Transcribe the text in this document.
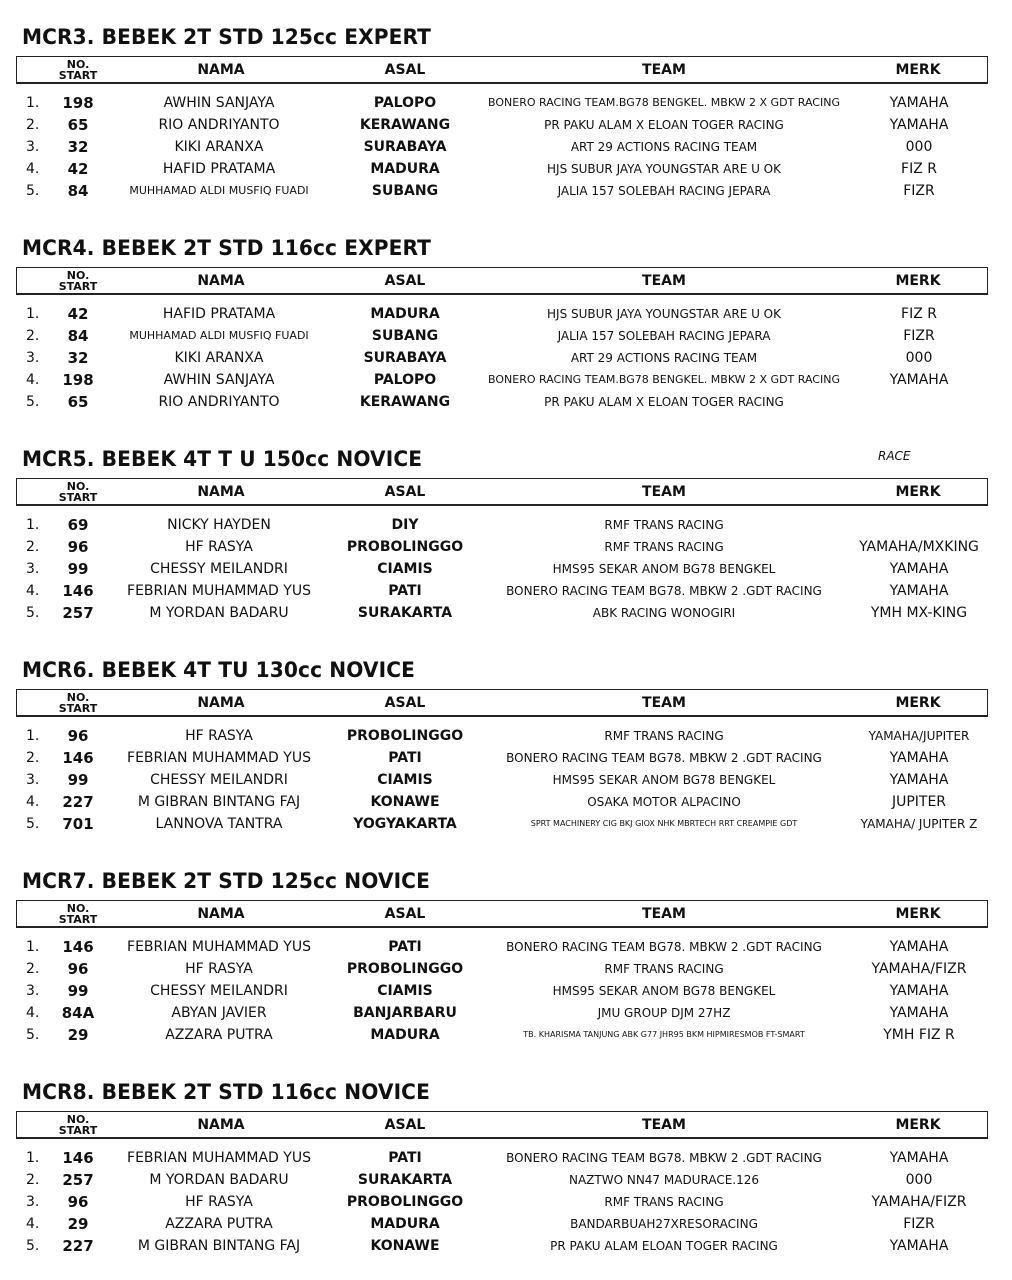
MCR3. BEBEK 2T STD 125cc EXPERT
NO.
START	NAMA	ASAL	TEAM	MERK
1.	198	AWHIN SANJAYA	PALOPO	BONERO RACING TEAM.BG78 BENGKEL. MBKW 2 X GDT RACING	YAMAHA
2.	65	RIO ANDRIYANTO	KERAWANG	PR PAKU ALAM X ELOAN TOGER RACING	YAMAHA
3.	32	KIKI ARANXA	SURABAYA	ART 29 ACTIONS RACING TEAM	000
4.	42	HAFID PRATAMA	MADURA	HJS SUBUR JAYA YOUNGSTAR ARE U OK	FIZ R
5.	84	MUHHAMAD ALDI MUSFIQ FUADI	SUBANG	JALIA 157 SOLEBAH RACING JEPARA	FIZR
MCR4. BEBEK 2T STD 116cc EXPERT
NO.
START	NAMA	ASAL	TEAM	MERK
1.	42	HAFID PRATAMA	MADURA	HJS SUBUR JAYA YOUNGSTAR ARE U OK	FIZ R
2.	84	MUHHAMAD ALDI MUSFIQ FUADI	SUBANG	JALIA 157 SOLEBAH RACING JEPARA	FIZR
3.	32	KIKI ARANXA	SURABAYA	ART 29 ACTIONS RACING TEAM	000
4.	198	AWHIN SANJAYA	PALOPO	BONERO RACING TEAM.BG78 BENGKEL. MBKW 2 X GDT RACING	YAMAHA
5.	65	RIO ANDRIYANTO	KERAWANG	PR PAKU ALAM X ELOAN TOGER RACING
MCR5. BEBEK 4T T U 150cc NOVICE	RACE
NO.
START	NAMA	ASAL	TEAM	MERK
1.	69	NICKY HAYDEN	DIY	RMF TRANS RACING
2.	96	HF RASYA	PROBOLINGGO	RMF TRANS RACING	YAMAHA/MXKING
3.	99	CHESSY MEILANDRI	CIAMIS	HMS95 SEKAR ANOM BG78 BENGKEL	YAMAHA
4.	146	FEBRIAN MUHAMMAD YUS	PATI	BONERO RACING TEAM BG78. MBKW 2 .GDT RACING	YAMAHA
5.	257	M YORDAN BADARU	SURAKARTA	ABK RACING WONOGIRI	YMH MX-KING
MCR6. BEBEK 4T TU 130cc NOVICE
NO.
START	NAMA	ASAL	TEAM	MERK
1.	96	HF RASYA	PROBOLINGGO	RMF TRANS RACING	YAMAHA/JUPITER
2.	146	FEBRIAN MUHAMMAD YUS	PATI	BONERO RACING TEAM BG78. MBKW 2 .GDT RACING	YAMAHA
3.	99	CHESSY MEILANDRI	CIAMIS	HMS95 SEKAR ANOM BG78 BENGKEL	YAMAHA
4.	227	M GIBRAN BINTANG FAJ	KONAWE	OSAKA MOTOR ALPACINO	JUPITER
5.	701	LANNOVA TANTRA	YOGYAKARTA	SPRT MACHINERY CIG BKJ GIOX NHK MBRTECH RRT CREAMPIE GDT	YAMAHA/ JUPITER Z
MCR7. BEBEK 2T STD 125cc NOVICE
NO.
START	NAMA	ASAL	TEAM	MERK
1.	146	FEBRIAN MUHAMMAD YUS	PATI	BONERO RACING TEAM BG78. MBKW 2 .GDT RACING	YAMAHA
2.	96	HF RASYA	PROBOLINGGO	RMF TRANS RACING	YAMAHA/FIZR
3.	99	CHESSY MEILANDRI	CIAMIS	HMS95 SEKAR ANOM BG78 BENGKEL	YAMAHA
4.	84A	ABYAN JAVIER	BANJARBARU	JMU GROUP DJM 27HZ	YAMAHA
5.	29	AZZARA PUTRA	MADURA	TB. KHARISMA TANJUNG ABK G77 JHR95 BKM HIPMIRESMOB FT-SMART	YMH FIZ R
MCR8. BEBEK 2T STD 116cc NOVICE
NO.
START	NAMA	ASAL	TEAM	MERK
1.	146	FEBRIAN MUHAMMAD YUS	PATI	BONERO RACING TEAM BG78. MBKW 2 .GDT RACING	YAMAHA
2.	257	M YORDAN BADARU	SURAKARTA	NAZTWO NN47 MADURACE.126	000
3.	96	HF RASYA	PROBOLINGGO	RMF TRANS RACING	YAMAHA/FIZR
4.	29	AZZARA PUTRA	MADURA	BANDARBUAH27XRESORACING	FIZR
5.	227	M GIBRAN BINTANG FAJ	KONAWE	PR PAKU ALAM ELOAN TOGER RACING	YAMAHA
